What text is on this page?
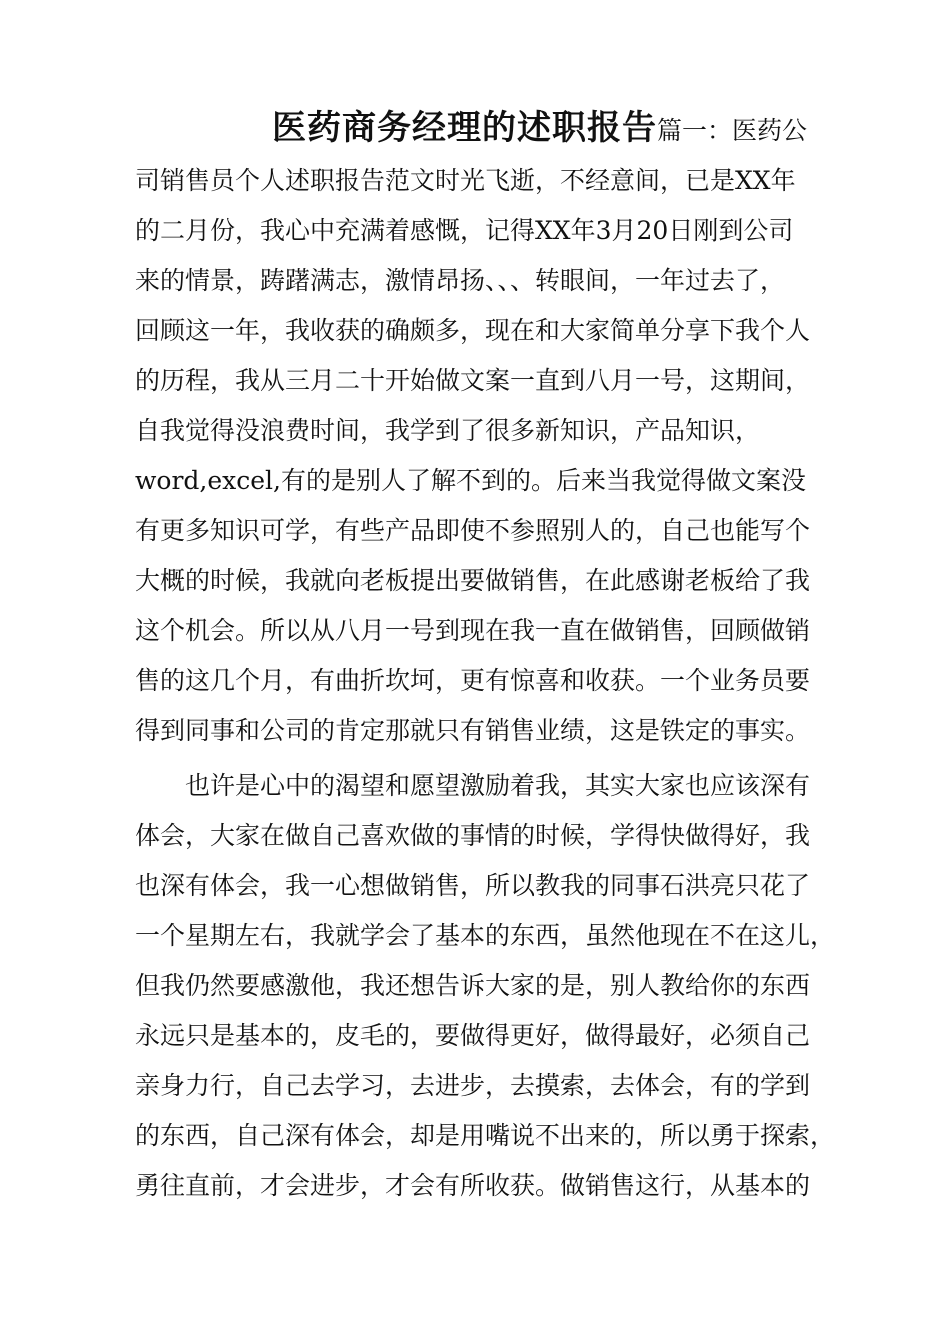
医药商务经理的述职报告篇一：医药公
司销售员个人述职报告范文时光飞逝，不经意间，已是XX年
的二月份，我心中充满着感慨，记得XX年3月20日刚到公司
来的情景，踌躇满志，激情昂扬、、、转眼间，一年过去了，
回顾这一年，我收获的确颇多，现在和大家简单分享下我个人
的历程，我从三月二十开始做文案一直到八月一号，这期间，
自我觉得没浪费时间，我学到了很多新知识，产品知识，
word,excel,有的是别人了解不到的。后来当我觉得做文案没
有更多知识可学，有些产品即使不参照别人的，自己也能写个
大概的时候，我就向老板提出要做销售，在此感谢老板给了我
这个机会。所以从八月一号到现在我一直在做销售，回顾做销
售的这几个月，有曲折坎坷，更有惊喜和收获。一个业务员要
得到同事和公司的肯定那就只有销售业绩，这是铁定的事实。
也许是心中的渴望和愿望激励着我，其实大家也应该深有
体会，大家在做自己喜欢做的事情的时候，学得快做得好，我
也深有体会，我一心想做销售，所以教我的同事石洪亮只花了
一个星期左右，我就学会了基本的东西，虽然他现在不在这儿，
但我仍然要感激他，我还想告诉大家的是，别人教给你的东西
永远只是基本的，皮毛的，要做得更好，做得最好，必须自己
亲身力行，自己去学习，去进步，去摸索，去体会，有的学到
的东西，自己深有体会，却是用嘴说不出来的，所以勇于探索，
勇往直前，才会进步，才会有所收获。做销售这行，从基本的
